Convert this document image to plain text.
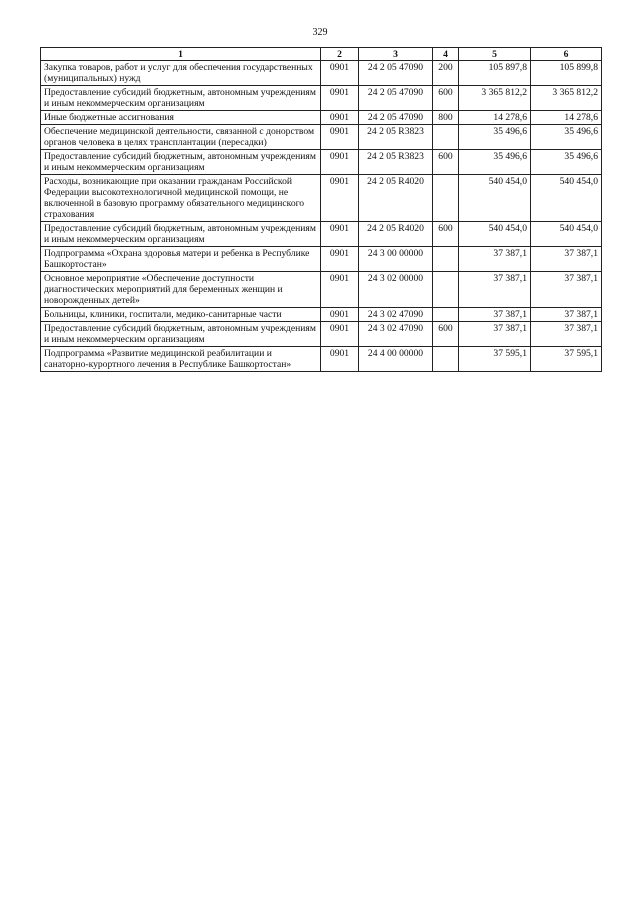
329
1	2	3	4	5	6
Закупка товаров, работ и услуг для обеспечения государственных (муниципальных) нужд	0901	24 2 05 47090	200	105 897,8	105 899,8
Предоставление субсидий бюджетным, автономным учреждениям и иным некоммерческим организациям	0901	24 2 05 47090	600	3 365 812,2	3 365 812,2
Иные бюджетные ассигнования	0901	24 2 05 47090	800	14 278,6	14 278,6
Обеспечение медицинской деятельности, связанной с донорством органов человека в целях трансплантации (пересадки)	0901	24 2 05 R3823		35 496,6	35 496,6
Предоставление субсидий бюджетным, автономным учреждениям и иным некоммерческим организациям	0901	24 2 05 R3823	600	35 496,6	35 496,6
Расходы, возникающие при оказании гражданам Российской Федерации высокотехнологичной медицинской помощи, не включенной в базовую программу обязательного медицинского страхования	0901	24 2 05 R4020		540 454,0	540 454,0
Предоставление субсидий бюджетным, автономным учреждениям и иным некоммерческим организациям	0901	24 2 05 R4020	600	540 454,0	540 454,0
Подпрограмма «Охрана здоровья матери и ребенка в Республике Башкортостан»	0901	24 3 00 00000		37 387,1	37 387,1
Основное мероприятие «Обеспечение доступности диагностических мероприятий для беременных женщин и новорожденных детей»	0901	24 3 02 00000		37 387,1	37 387,1
Больницы, клиники, госпитали, медико-санитарные части	0901	24 3 02 47090		37 387,1	37 387,1
Предоставление субсидий бюджетным, автономным учреждениям и иным некоммерческим организациям	0901	24 3 02 47090	600	37 387,1	37 387,1
Подпрограмма «Развитие медицинской реабилитации и санаторно-курортного лечения в Республике Башкортостан»	0901	24 4 00 00000		37 595,1	37 595,1
